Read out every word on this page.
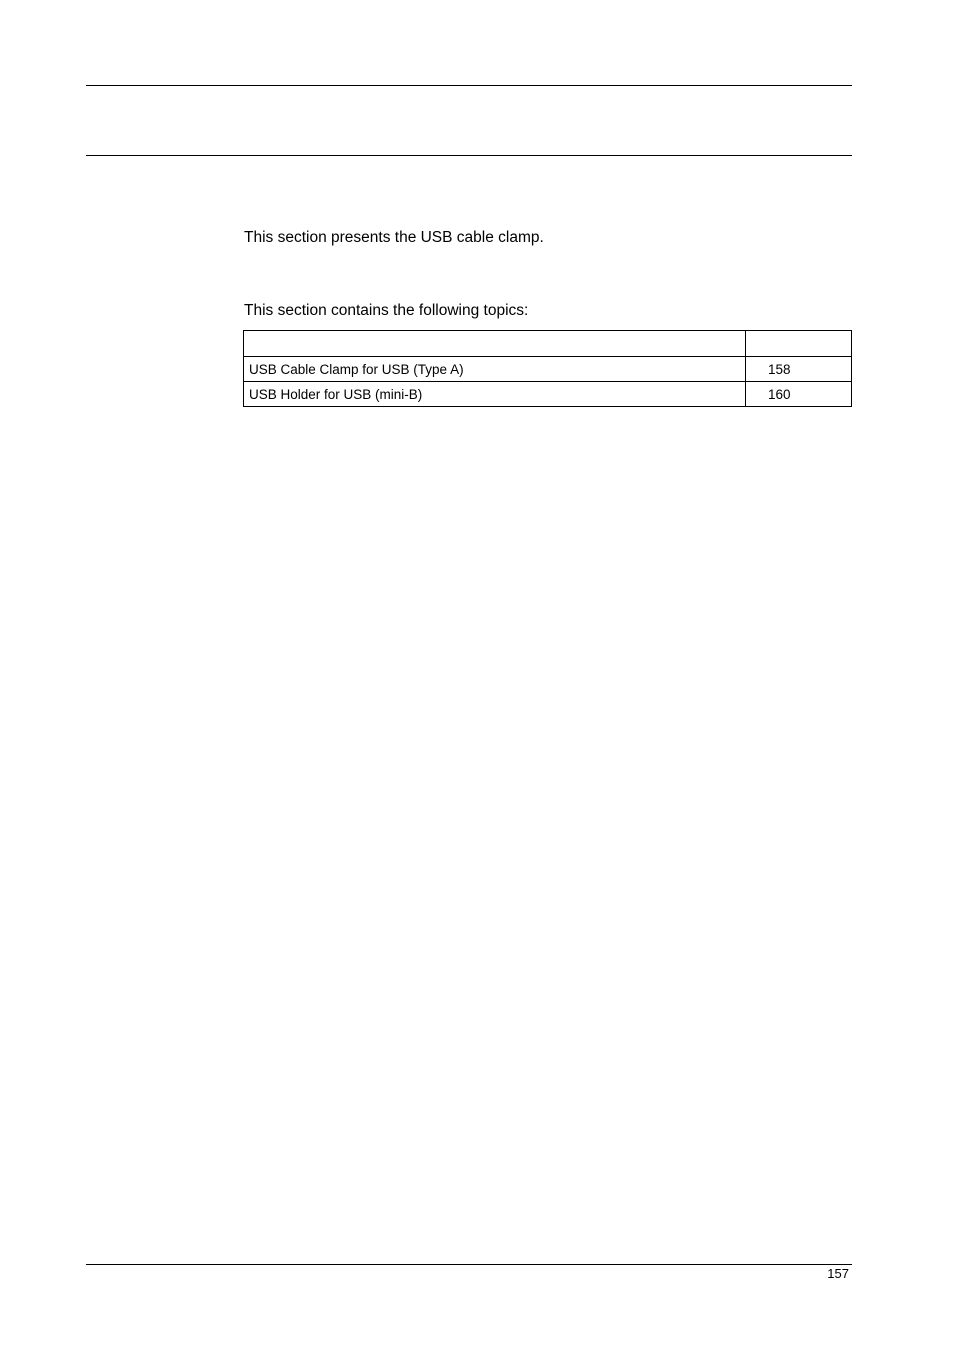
This section presents the USB cable clamp.

This section contains the following topics:

USB Cable Clamp for USB (Type A)	158
USB Holder for USB (mini-B)	160
157
